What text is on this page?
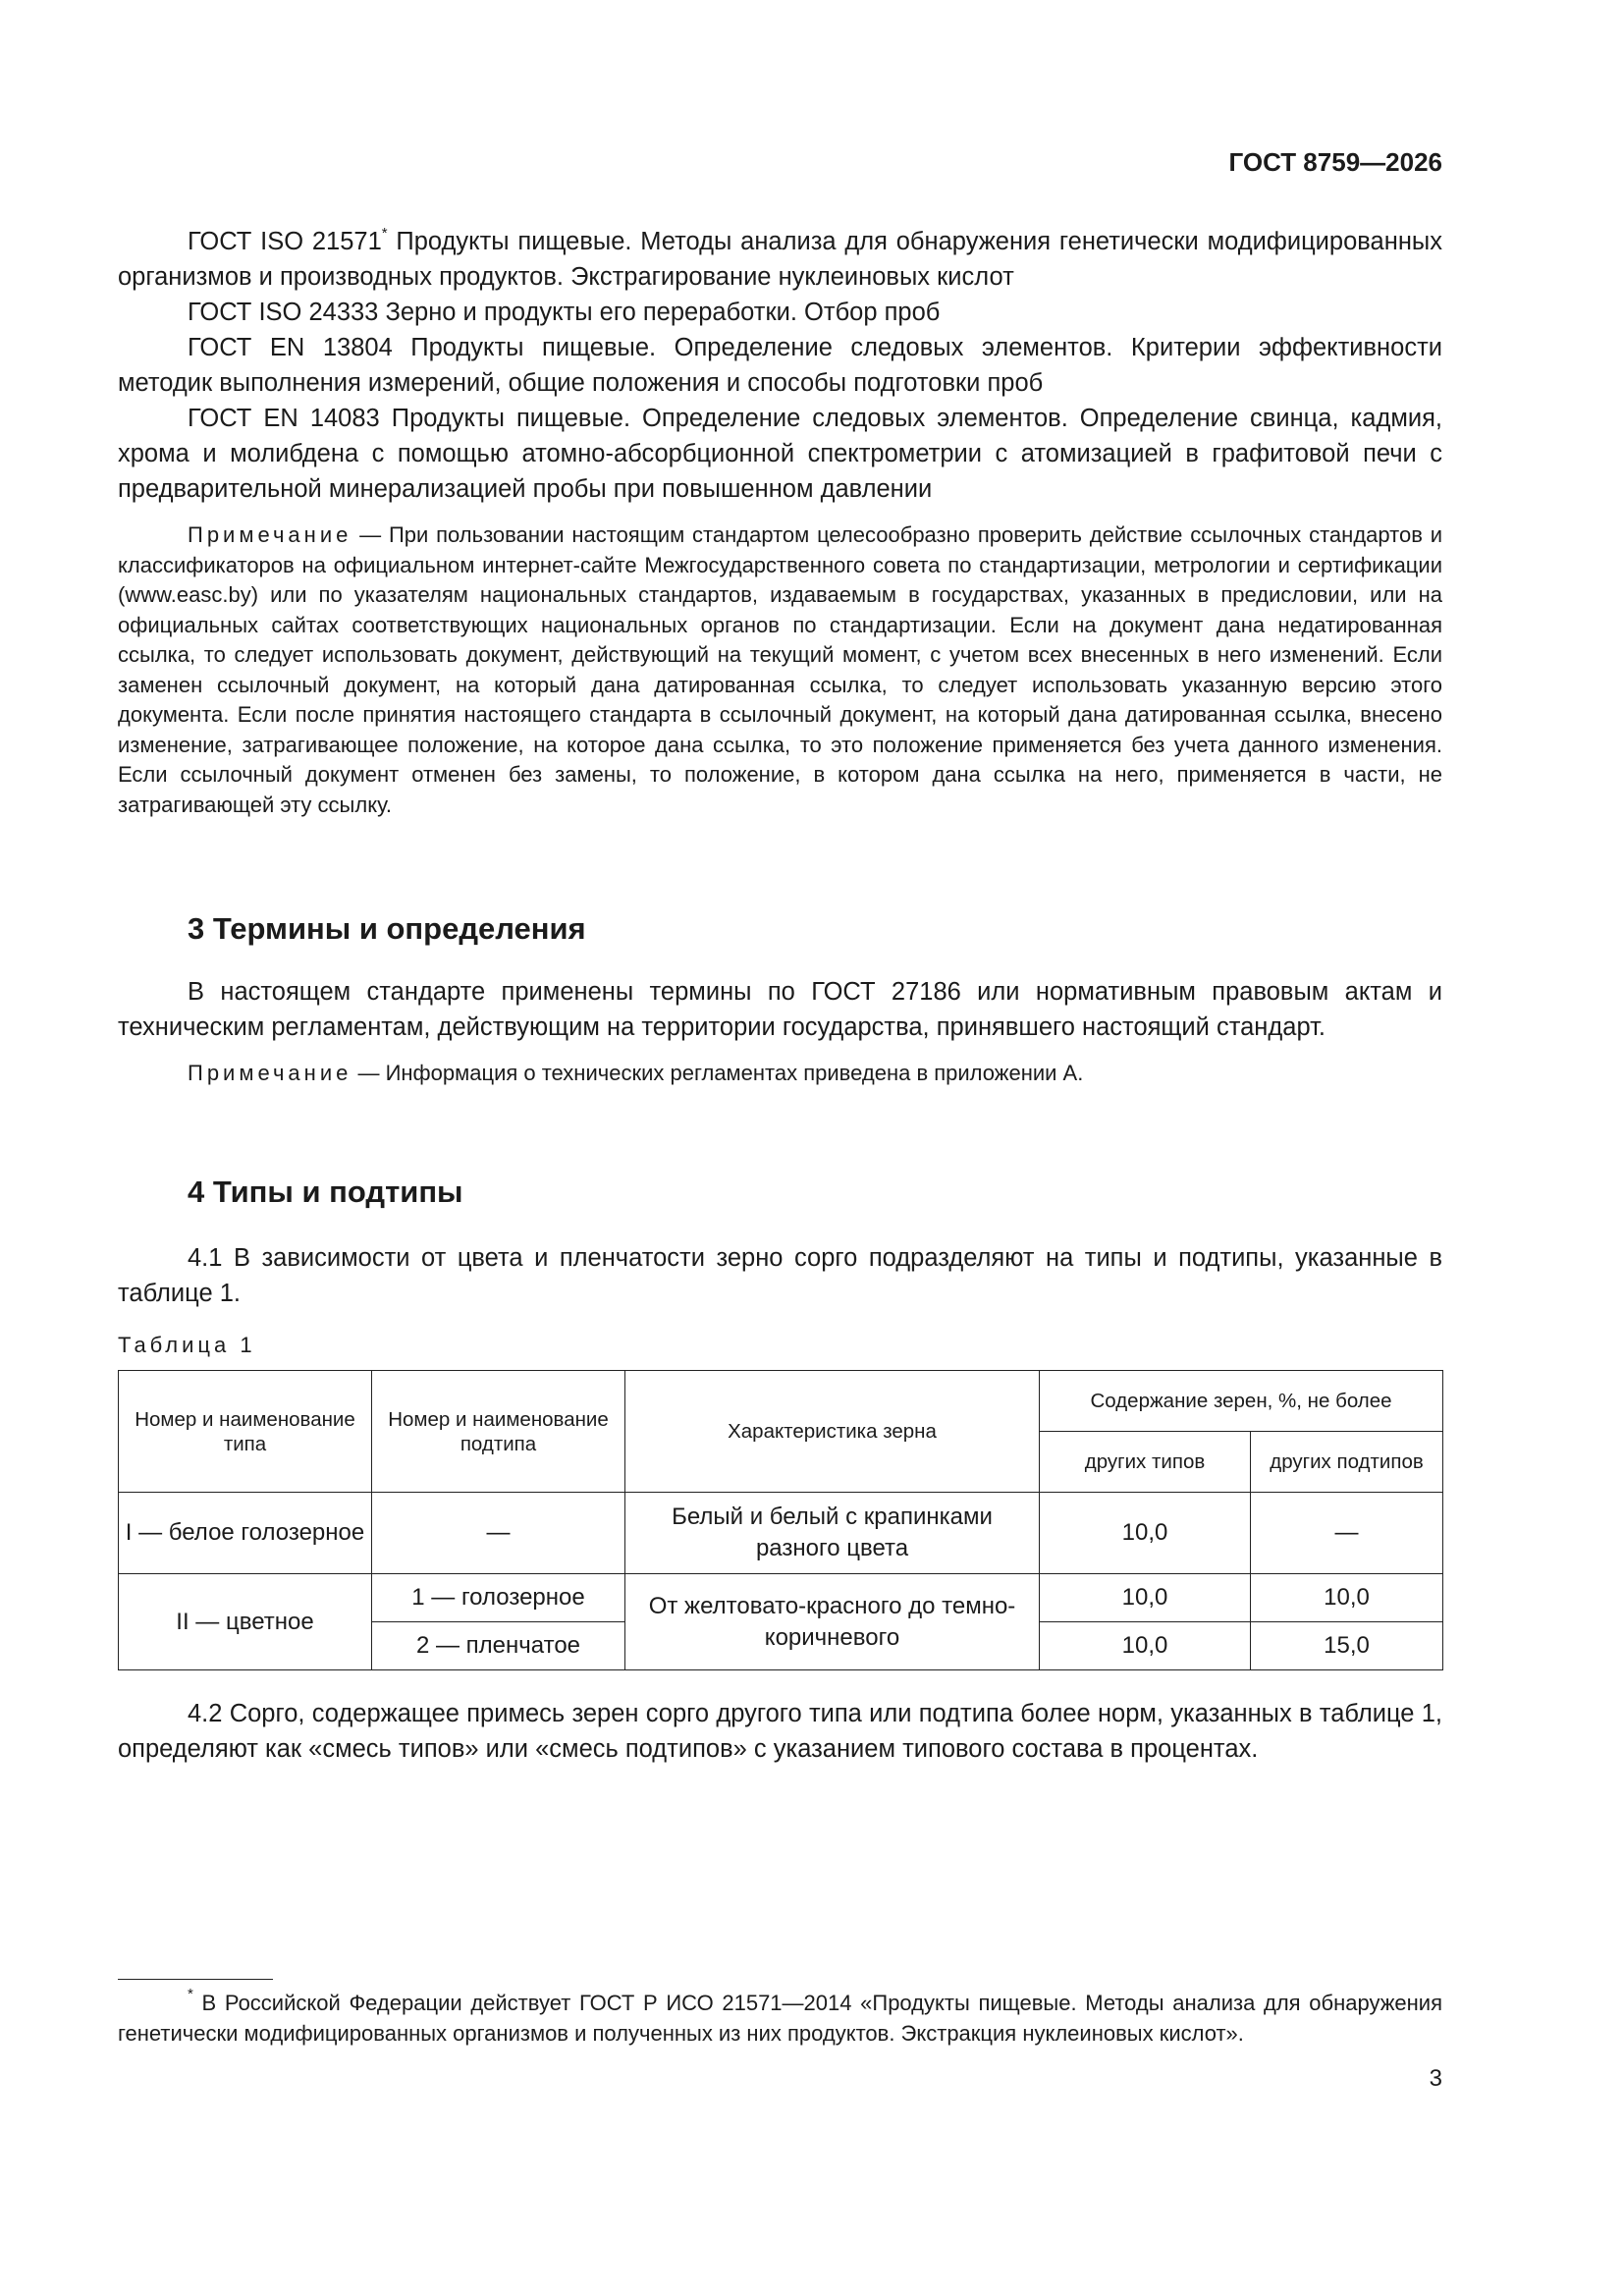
ГОСТ 8759—2026

ГОСТ ISO 21571* Продукты пищевые. Методы анализа для обнаружения генетически модифицированных организмов и производных продуктов. Экстрагирование нуклеиновых кислот

ГОСТ ISO 24333 Зерно и продукты его переработки. Отбор проб

ГОСТ EN 13804 Продукты пищевые. Определение следовых элементов. Критерии эффективности методик выполнения измерений, общие положения и способы подготовки проб

ГОСТ EN 14083 Продукты пищевые. Определение следовых элементов. Определение свинца, кадмия, хрома и молибдена с помощью атомно-абсорбционной спектрометрии с атомизацией в графитовой печи с предварительной минерализацией пробы при повышенном давлении

Примечание — При пользовании настоящим стандартом целесообразно проверить действие ссылочных стандартов и классификаторов на официальном интернет-сайте Межгосударственного совета по стандартизации, метрологии и сертификации (www.easc.by) или по указателям национальных стандартов, издаваемым в государствах, указанных в предисловии, или на официальных сайтах соответствующих национальных органов по стандартизации. Если на документ дана недатированная ссылка, то следует использовать документ, действующий на текущий момент, с учетом всех внесенных в него изменений. Если заменен ссылочный документ, на который дана датированная ссылка, то следует использовать указанную версию этого документа. Если после принятия настоящего стандарта в ссылочный документ, на который дана датированная ссылка, внесено изменение, затрагивающее положение, на которое дана ссылка, то это положение применяется без учета данного изменения. Если ссылочный документ отменен без замены, то положение, в котором дана ссылка на него, применяется в части, не затрагивающей эту ссылку.

3 Термины и определения

В настоящем стандарте применены термины по ГОСТ 27186 или нормативным правовым актам и техническим регламентам, действующим на территории государства, принявшего настоящий стандарт.

Примечание — Информация о технических регламентах приведена в приложении А.

4 Типы и подтипы

4.1 В зависимости от цвета и пленчатости зерно сорго подразделяют на типы и подтипы, указанные в таблице 1.

Таблица 1
Номер и наименование типа	Номер и наименование подтипа	Характеристика зерна	Содержание зерен, %, не более	
			других типов	других подтипов
I — белое голозерное	—	Белый и белый с крапинками разного цвета	10,0	—
II — цветное	1 — голозерное	От желтовато-красного до темно-коричневого	10,0	10,0
	2 — пленчатое		10,0	15,0

4.2 Сорго, содержащее примесь зерен сорго другого типа или подтипа более норм, указанных в таблице 1, определяют как «смесь типов» или «смесь подтипов» с указанием типового состава в процентах.

* В Российской Федерации действует ГОСТ Р ИСО 21571—2014 «Продукты пищевые. Методы анализа для обнаружения генетически модифицированных организмов и полученных из них продуктов. Экстракция нуклеиновых кислот».
3
